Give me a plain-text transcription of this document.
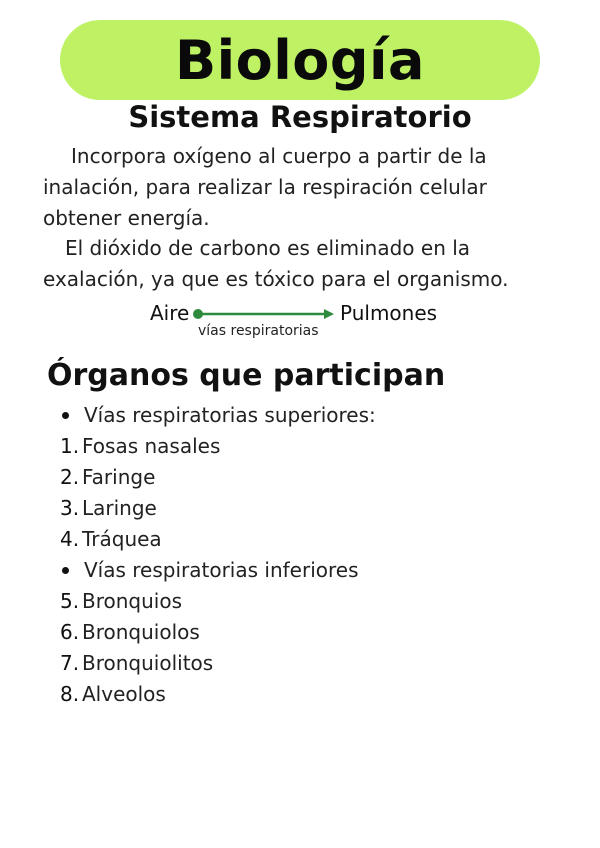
Biología
Sistema Respiratorio
Incorpora oxígeno al cuerpo a partir de la inalación, para realizar la respiración celular obtener energía.
El dióxido de carbono es eliminado en la exalación, ya que es tóxico para el organismo.
Aire	Pulmones
vías respiratorias
Órganos que participan
Vías respiratorias superiores:
1. Fosas nasales
2. Faringe
3. Laringe
4. Tráquea
Vías respiratorias inferiores
5. Bronquios
6. Bronquiolos
7. Bronquiolitos
8. Alveolos
